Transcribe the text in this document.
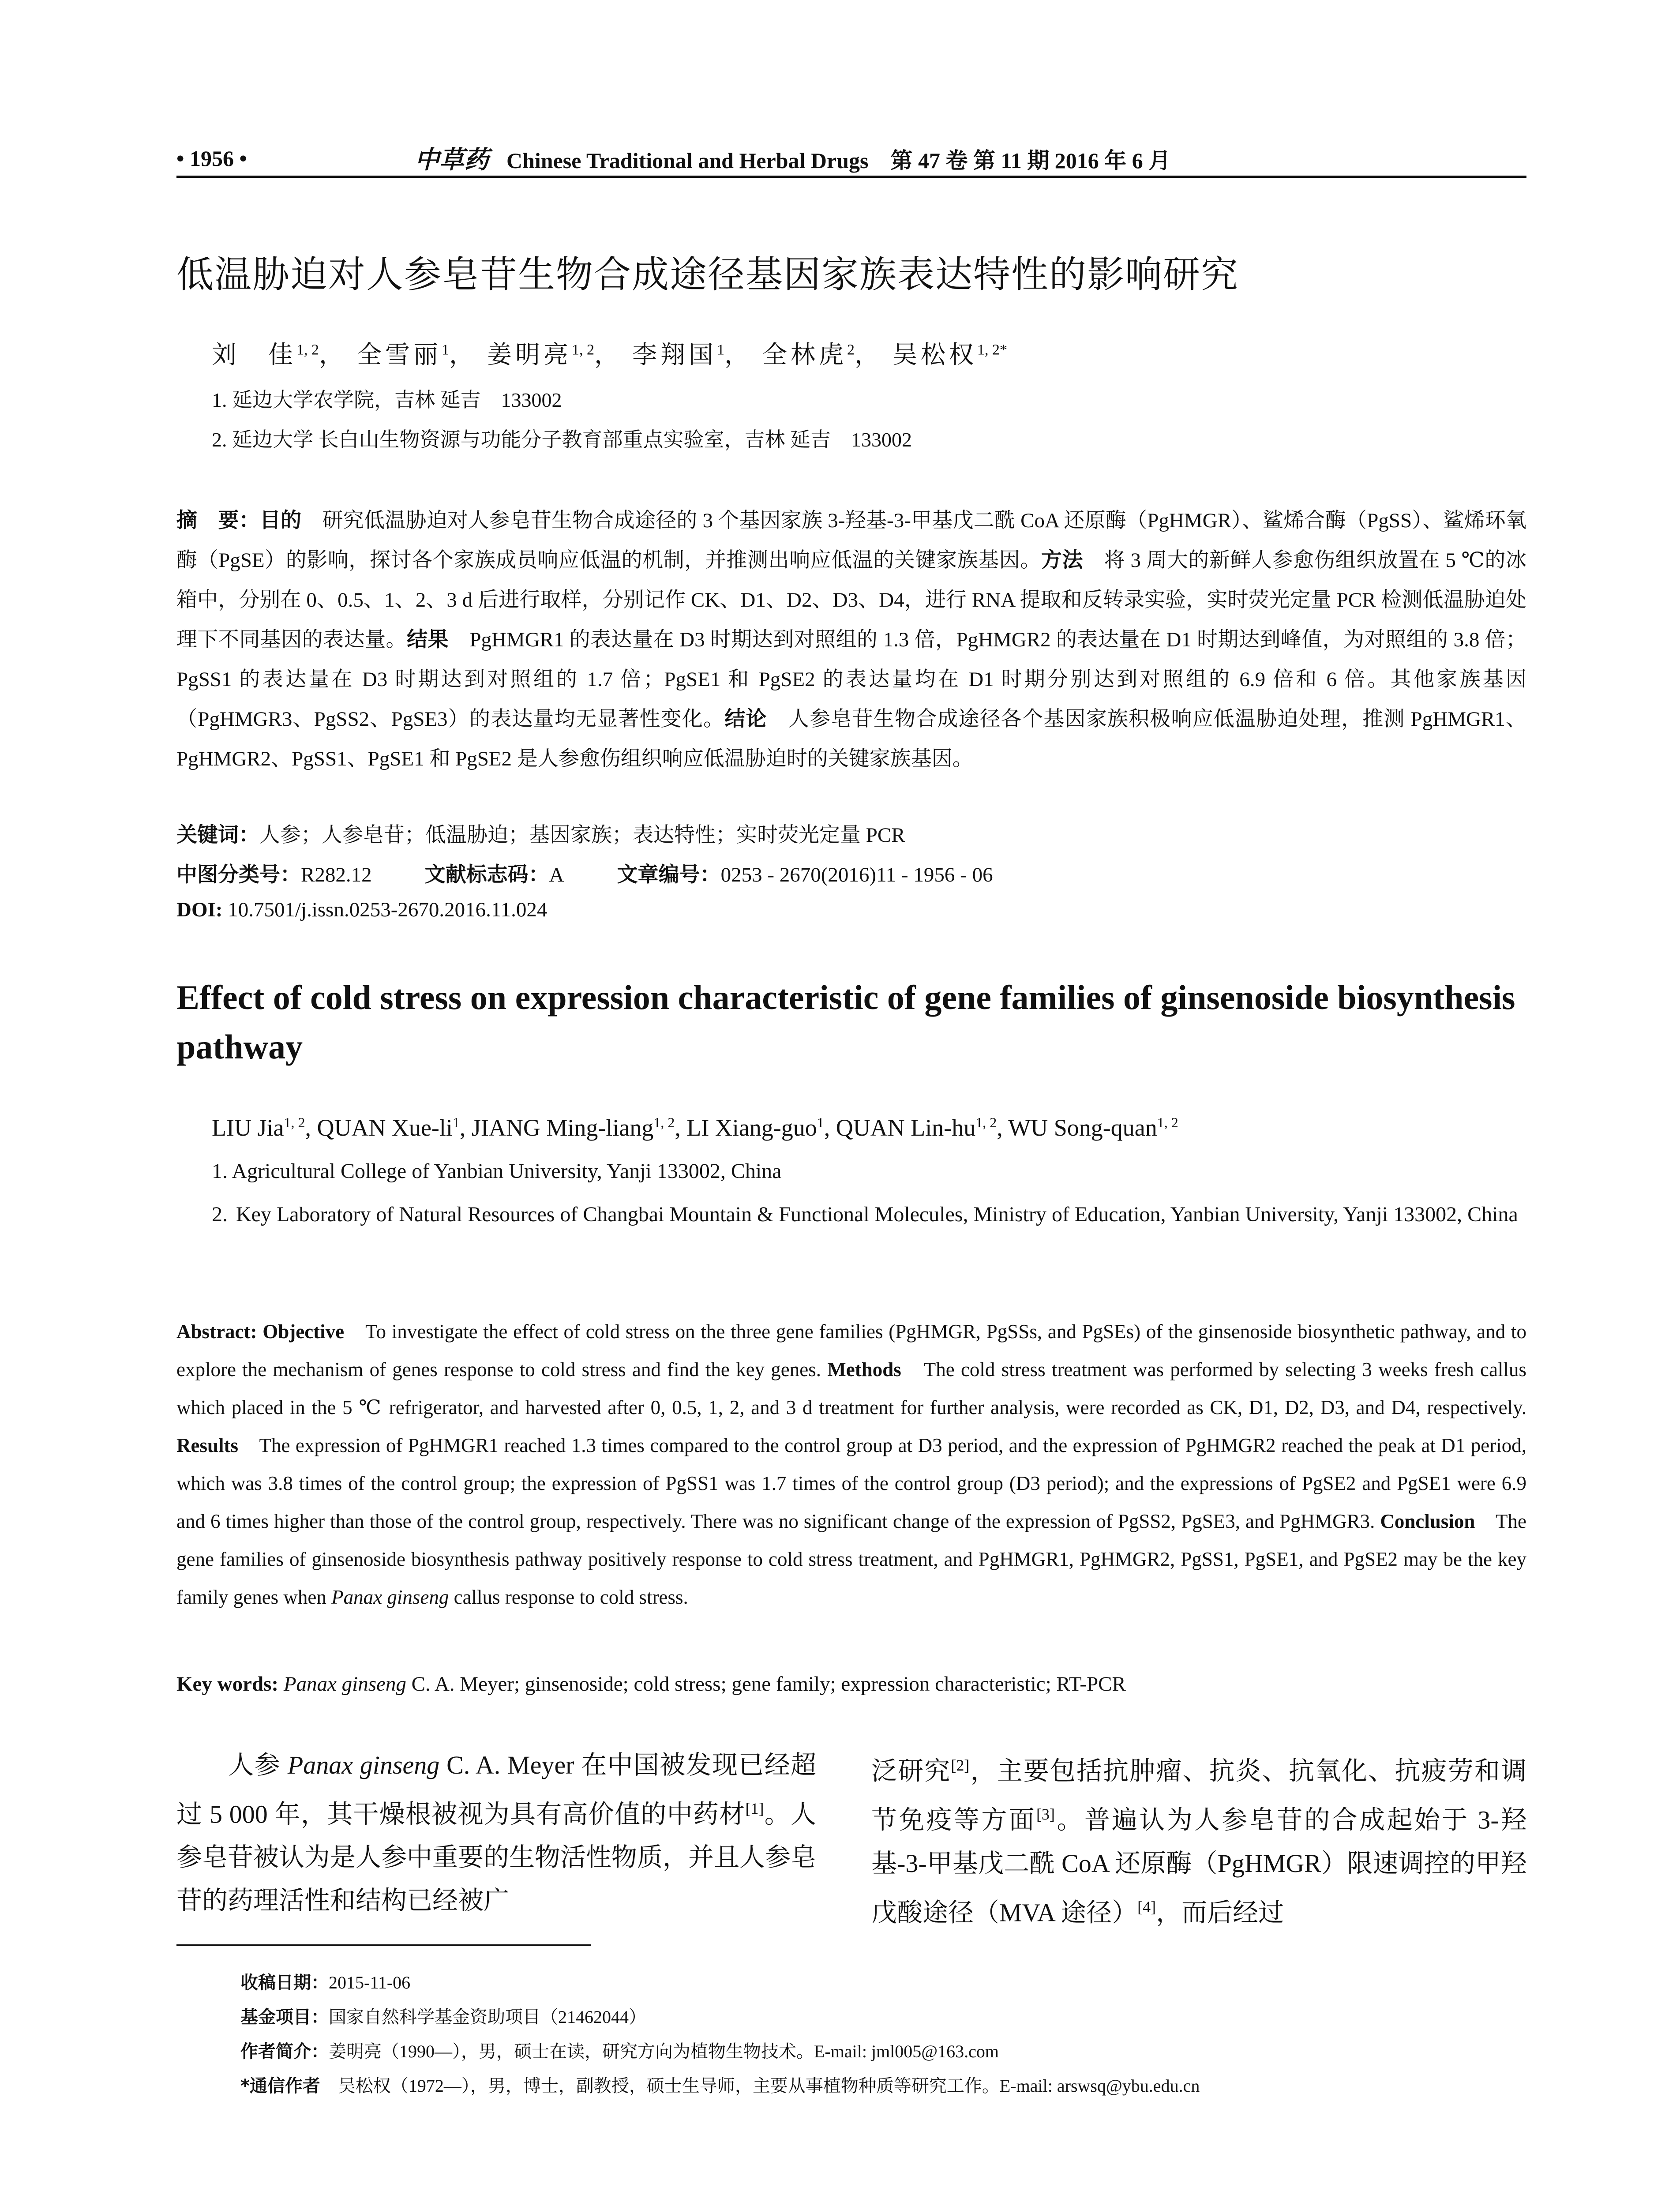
• 1956 •	中草药 Chinese Traditional and Herbal Drugs 第 47 卷 第 11 期 2016 年 6 月
低温胁迫对人参皂苷生物合成途径基因家族表达特性的影响研究
刘　佳$^{1, 2}$， 全雪丽$^1$， 姜明亮$^{1, 2}$， 李翔国$^1$， 全林虎$^2$， 吴松权$^{1, 2*}$
1. 延边大学农学院，吉林 延吉　133002
2. 延边大学 长白山生物资源与功能分子教育部重点实验室，吉林 延吉　133002
摘　要：目的　研究低温胁迫对人参皂苷生物合成途径的 3 个基因家族 3-羟基-3-甲基戊二酰 CoA 还原酶（PgHMGR）、鲨烯合酶（PgSS）、鲨烯环氧酶（PgSE）的影响，探讨各个家族成员响应低温的机制，并推测出响应低温的关键家族基因。方法　将 3 周大的新鲜人参愈伤组织放置在 5 ℃的冰箱中，分别在 0、0.5、1、2、3 d 后进行取样，分别记作 CK、D1、D2、D3、D4，进行 RNA 提取和反转录实验，实时荧光定量 PCR 检测低温胁迫处理下不同基因的表达量。结果　PgHMGR1 的表达量在 D3 时期达到对照组的 1.3 倍，PgHMGR2 的表达量在 D1 时期达到峰值，为对照组的 3.8 倍；PgSS1 的表达量在 D3 时期达到对照组的 1.7 倍；PgSE1 和 PgSE2 的表达量均在 D1 时期分别达到对照组的 6.9 倍和 6 倍。其他家族基因（PgHMGR3、PgSS2、PgSE3）的表达量均无显著性变化。结论　人参皂苷生物合成途径各个基因家族积极响应低温胁迫处理，推测 PgHMGR1、PgHMGR2、PgSS1、PgSE1 和 PgSE2 是人参愈伤组织响应低温胁迫时的关键家族基因。
关键词：人参；人参皂苷；低温胁迫；基因家族；表达特性；实时荧光定量 PCR
中图分类号：R282.12	文献标志码：A	文章编号：0253 - 2670(2016)11 - 1956 - 06
DOI: 10.7501/j.issn.0253-2670.2016.11.024
Effect of cold stress on expression characteristic of gene families of ginsenoside biosynthesis pathway
LIU Jia$^{1, 2}$, QUAN Xue-$li^1$, JIANG Ming-liang$^{1, 2}$, LI Xiang-guo$^1$, QUAN Lin-hu$^{1, 2}$, WU Song-quan$^{1, 2}$
1. Agricultural College of Yanbian University, Yanji 133002, China
2. Key Laboratory of Natural Resources of Changbai Mountain & Functional Molecules, Ministry of Education, Yanbian University, Yanji 133002, China
Abstract: Objective　To investigate the effect of cold stress on the three gene families (PgHMGR, PgSSs, and PgSEs) of the ginsenoside biosynthetic pathway, and to explore the mechanism of genes response to cold stress and find the key genes. Methods　The cold stress treatment was performed by selecting 3 weeks fresh callus which placed in the 5 ℃ refrigerator, and harvested after 0, 0.5, 1, 2, and 3 d treatment for further analysis, were recorded as CK, D1, D2, D3, and D4, respectively. Results　The expression of PgHMGR1 reached 1.3 times compared to the control group at D3 period, and the expression of PgHMGR2 reached the peak at D1 period, which was 3.8 times of the control group; the expression of PgSS1 was 1.7 times of the control group (D3 period); and the expressions of PgSE2 and PgSE1 were 6.9 and 6 times higher than those of the control group, respectively. There was no significant change of the expression of PgSS2, PgSE3, and PgHMGR3. Conclusion　The gene families of ginsenoside biosynthesis pathway positively response to cold stress treatment, and PgHMGR1, PgHMGR2, PgSS1, PgSE1, and PgSE2 may be the key family genes when Panax ginseng callus response to cold stress.
Key words: Panax ginseng C. A. Meyer; ginsenoside; cold stress; gene family; expression characteristic; RT-PCR
人参 Panax ginseng C. A. Meyer 在中国被发现已经超过 5 000 年，其干燥根被视为具有高价值的中药材[1]。人参皂苷被认为是人参中重要的生物活性物质，并且人参皂苷的药理活性和结构已经被广
泛研究[2]，主要包括抗肿瘤、抗炎、抗氧化、抗疲劳和调节免疫等方面[3]。普遍认为人参皂苷的合成起始于 3-羟基-3-甲基戊二酰 CoA 还原酶（PgHMGR）限速调控的甲羟戊酸途径（MVA 途径）[4]，而后经过
收稿日期：2015-11-06
基金项目：国家自然科学基金资助项目（21462044）
作者简介：姜明亮（1990—），男，硕士在读，研究方向为植物生物技术。E-mail: jml005@163.com
*通信作者　吴松权（1972—），男，博士，副教授，硕士生导师，主要从事植物种质等研究工作。E-mail: arswsq@ybu.edu.cn
